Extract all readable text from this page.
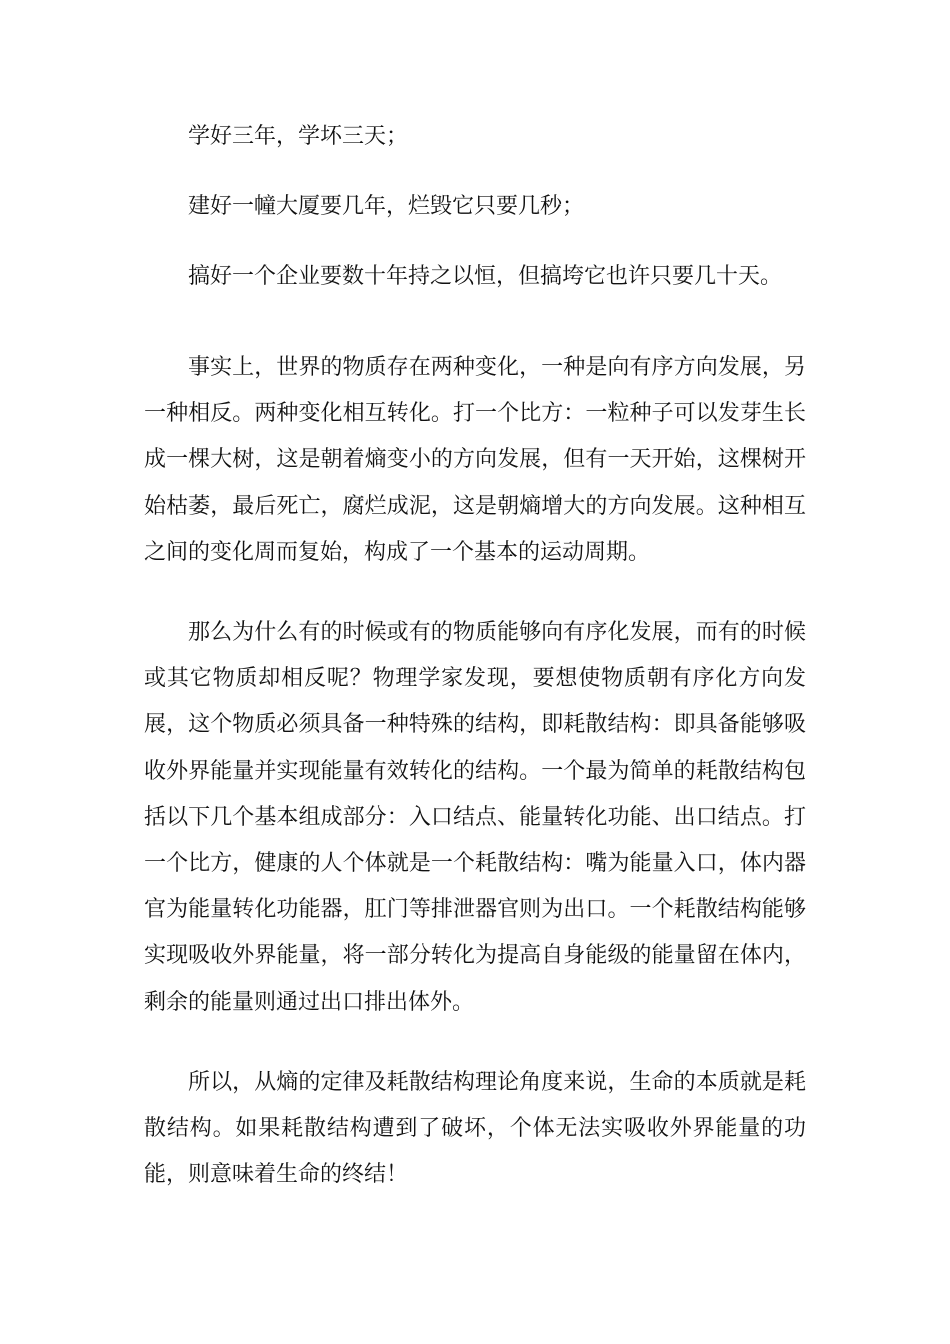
学好三年，学坏三天；

建好一幢大厦要几年，烂毁它只要几秒；

搞好一个企业要数十年持之以恒，但搞垮它也许只要几十天。

事实上，世界的物质存在两种变化，一种是向有序方向发展，另一种相反。两种变化相互转化。打一个比方：一粒种子可以发芽生长成一棵大树，这是朝着熵变小的方向发展，但有一天开始，这棵树开始枯萎，最后死亡，腐烂成泥，这是朝熵增大的方向发展。这种相互之间的变化周而复始，构成了一个基本的运动周期。

那么为什么有的时候或有的物质能够向有序化发展，而有的时候或其它物质却相反呢？物理学家发现，要想使物质朝有序化方向发展，这个物质必须具备一种特殊的结构，即耗散结构：即具备能够吸收外界能量并实现能量有效转化的结构。一个最为简单的耗散结构包括以下几个基本组成部分：入口结点、能量转化功能、出口结点。打一个比方，健康的人个体就是一个耗散结构：嘴为能量入口，体内器官为能量转化功能器，肛门等排泄器官则为出口。一个耗散结构能够实现吸收外界能量，将一部分转化为提高自身能级的能量留在体内，剩余的能量则通过出口排出体外。

所以，从熵的定律及耗散结构理论角度来说，生命的本质就是耗散结构。如果耗散结构遭到了破坏，个体无法实吸收外界能量的功能，则意味着生命的终结！
